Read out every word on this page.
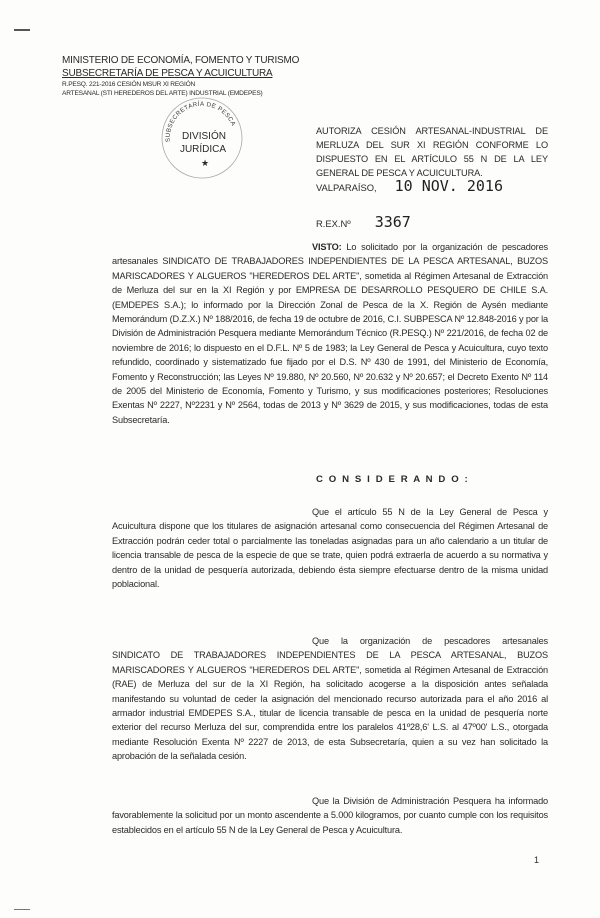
MINISTERIO DE ECONOMÍA, FOMENTO Y TURISMO
SUBSECRETARÍA DE PESCA Y ACUICULTURA
R.PESQ. 221-2016 CESIÓN MSUR XI REGIÓN
ARTESANAL (STI HEREDEROS DEL ARTE) INDUSTRIAL (EMDEPES)
SUBSECRETARÍA DE PESCA
DIVISIÓN
JURÍDICA
★
AUTORIZA CESIÓN ARTESANAL-INDUSTRIAL DE MERLUZA DEL SUR XI REGIÓN CONFORME LO DISPUESTO EN EL ARTÍCULO 55 N DE LA LEY GENERAL DE PESCA Y ACUICULTURA.
VALPARAÍSO, 10 NOV. 2016
R.EX.Nº 3367
VISTO: Lo solicitado por la organización de pescadores artesanales SINDICATO DE TRABAJADORES INDEPENDIENTES DE LA PESCA ARTESANAL, BUZOS MARISCADORES Y ALGUEROS "HEREDEROS DEL ARTE", sometida al Régimen Artesanal de Extracción de Merluza del sur en la XI Región y por EMPRESA DE DESARROLLO PESQUERO DE CHILE S.A. (EMDEPES S.A.); lo informado por la Dirección Zonal de Pesca de la X. Región de Aysén mediante Memorándum (D.Z.X.) Nº 188/2016, de fecha 19 de octubre de 2016, C.I. SUBPESCA Nº 12.848-2016 y por la División de Administración Pesquera mediante Memorándum Técnico (R.PESQ.) Nº 221/2016, de fecha 02 de noviembre de 2016; lo dispuesto en el D.F.L. Nº 5 de 1983; la Ley General de Pesca y Acuicultura, cuyo texto refundido, coordinado y sistematizado fue fijado por el D.S. Nº 430 de 1991, del Ministerio de Economía, Fomento y Reconstrucción; las Leyes Nº 19.880, Nº 20.560, Nº 20.632 y Nº 20.657; el Decreto Exento Nº 114 de 2005 del Ministerio de Economía, Fomento y Turismo, y sus modificaciones posteriores; Resoluciones Exentas Nº 2227, Nº2231 y Nº 2564, todas de 2013 y Nº 3629 de 2015, y sus modificaciones, todas de esta Subsecretaría.
C O N S I D E R A N D O :
Que el artículo 55 N de la Ley General de Pesca y Acuicultura dispone que los titulares de asignación artesanal como consecuencia del Régimen Artesanal de Extracción podrán ceder total o parcialmente las toneladas asignadas para un año calendario a un titular de licencia transable de pesca de la especie de que se trate, quien podrá extraerla de acuerdo a su normativa y dentro de la unidad de pesquería autorizada, debiendo ésta siempre efectuarse dentro de la misma unidad poblacional.
Que la organización de pescadores artesanales SINDICATO DE TRABAJADORES INDEPENDIENTES DE LA PESCA ARTESANAL, BUZOS MARISCADORES Y ALGUEROS "HEREDEROS DEL ARTE", sometida al Régimen Artesanal de Extracción (RAE) de Merluza del sur de la XI Región, ha solicitado acogerse a la disposición antes señalada manifestando su voluntad de ceder la asignación del mencionado recurso autorizada para el año 2016 al armador industrial EMDEPES S.A., titular de licencia transable de pesca en la unidad de pesquería norte exterior del recurso Merluza del sur, comprendida entre los paralelos 41º28,6' L.S. al 47º00' L.S., otorgada mediante Resolución Exenta Nº 2227 de 2013, de esta Subsecretaría, quien a su vez han solicitado la aprobación de la señalada cesión.
Que la División de Administración Pesquera ha informado favorablemente la solicitud por un monto ascendente a 5.000 kilogramos, por cuanto cumple con los requisitos establecidos en el artículo 55 N de la Ley General de Pesca y Acuicultura.
1
